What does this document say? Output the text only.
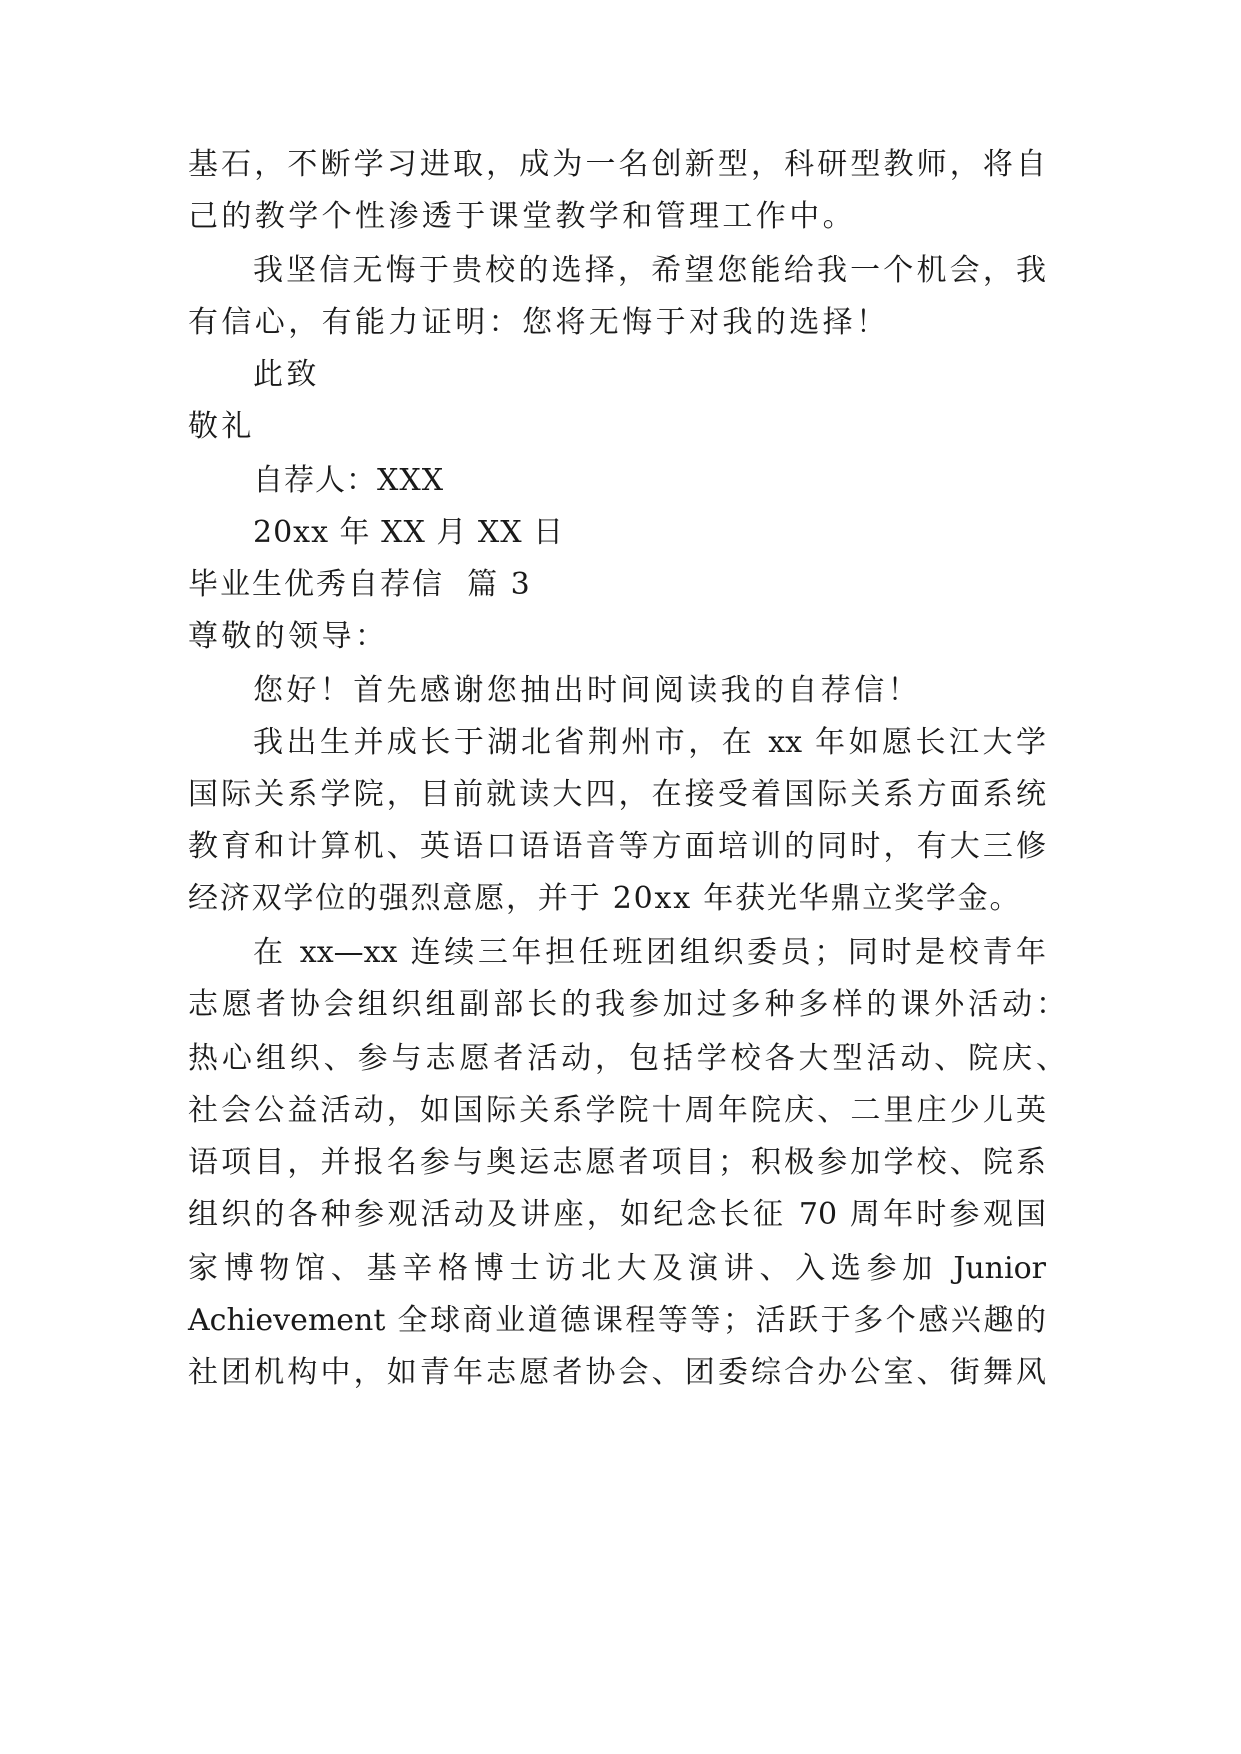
基石，不断学习进取，成为一名创新型，科研型教师，将自
己的教学个性渗透于课堂教学和管理工作中。
我坚信无悔于贵校的选择，希望您能给我一个机会，我
有信心，有能力证明：您将无悔于对我的选择！
此致
敬礼
自荐人：XXX
20xx 年 XX 月 XX 日
毕业生优秀自荐信  篇 3
尊敬的领导：
您好！首先感谢您抽出时间阅读我的自荐信！
我出生并成长于湖北省荆州市，在 xx 年如愿长江大学
国际关系学院，目前就读大四，在接受着国际关系方面系统
教育和计算机、英语口语语音等方面培训的同时，有大三修
经济双学位的强烈意愿，并于 20xx 年获光华鼎立奖学金。
在 xx—xx 连续三年担任班团组织委员；同时是校青年
志愿者协会组织组副部长的我参加过多种多样的课外活动：
热心组织、参与志愿者活动，包括学校各大型活动、院庆、
社会公益活动，如国际关系学院十周年院庆、二里庄少儿英
语项目，并报名参与奥运志愿者项目；积极参加学校、院系
组织的各种参观活动及讲座，如纪念长征 70 周年时参观国
家博物馆、基辛格博士访北大及演讲、入选参加 Junior
Achievement 全球商业道德课程等等；活跃于多个感兴趣的
社团机构中，如青年志愿者协会、团委综合办公室、街舞风
